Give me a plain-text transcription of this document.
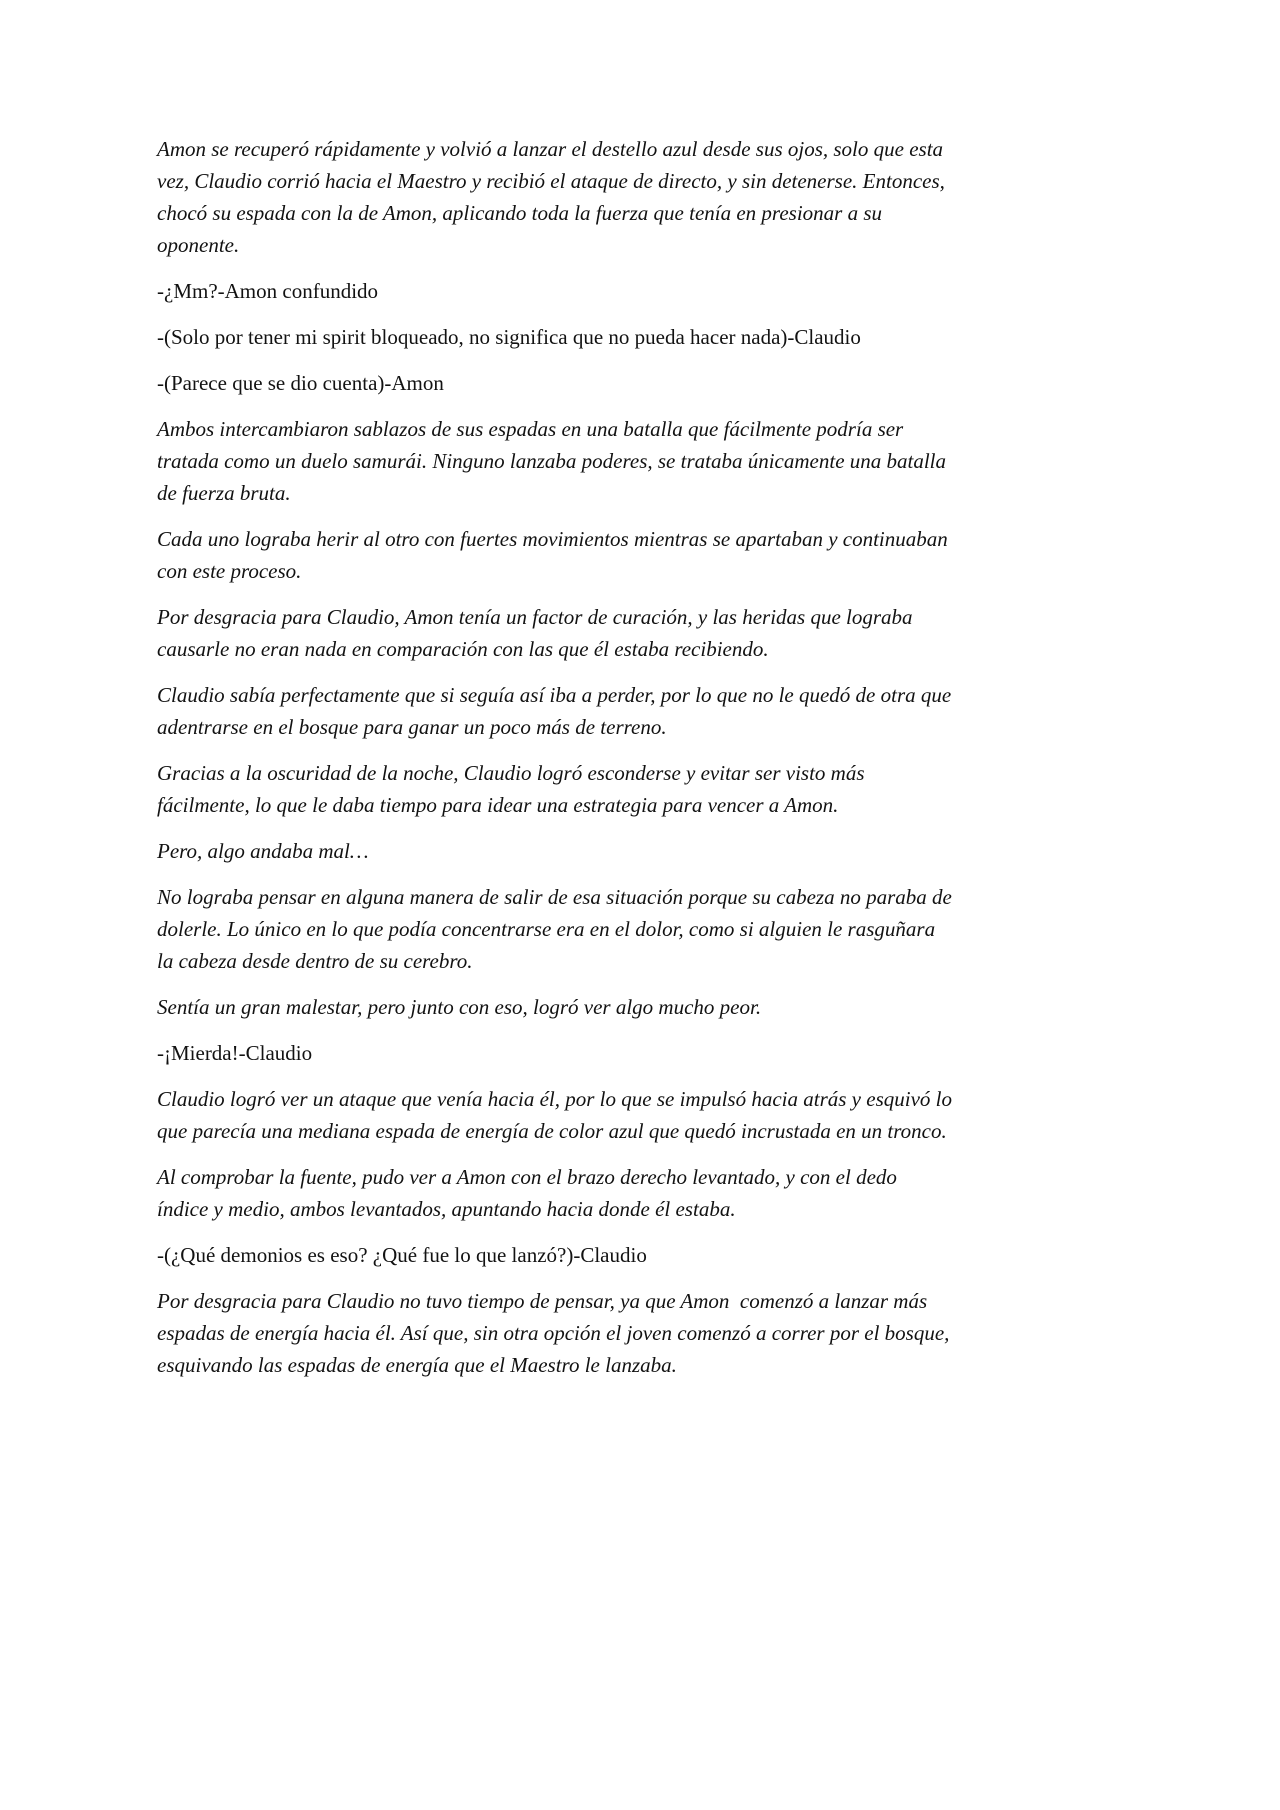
Amon se recuperó rápidamente y volvió a lanzar el destello azul desde sus ojos, solo que esta vez, Claudio corrió hacia el Maestro y recibió el ataque de directo, y sin detenerse. Entonces, chocó su espada con la de Amon, aplicando toda la fuerza que tenía en presionar a su oponente.

-¿Mm?-Amon confundido

-(Solo por tener mi spirit bloqueado, no significa que no pueda hacer nada)-Claudio

-(Parece que se dio cuenta)-Amon

Ambos intercambiaron sablazos de sus espadas en una batalla que fácilmente podría ser tratada como un duelo samurái. Ninguno lanzaba poderes, se trataba únicamente una batalla de fuerza bruta.

Cada uno lograba herir al otro con fuertes movimientos mientras se apartaban y continuaban con este proceso.

Por desgracia para Claudio, Amon tenía un factor de curación, y las heridas que lograba causarle no eran nada en comparación con las que él estaba recibiendo.

Claudio sabía perfectamente que si seguía así iba a perder, por lo que no le quedó de otra que adentrarse en el bosque para ganar un poco más de terreno.

Gracias a la oscuridad de la noche, Claudio logró esconderse y evitar ser visto más fácilmente, lo que le daba tiempo para idear una estrategia para vencer a Amon.

Pero, algo andaba mal…

No lograba pensar en alguna manera de salir de esa situación porque su cabeza no paraba de dolerle. Lo único en lo que podía concentrarse era en el dolor, como si alguien le rasguñara la cabeza desde dentro de su cerebro.

Sentía un gran malestar, pero junto con eso, logró ver algo mucho peor.

-¡Mierda!-Claudio

Claudio logró ver un ataque que venía hacia él, por lo que se impulsó hacia atrás y esquivó lo que parecía una mediana espada de energía de color azul que quedó incrustada en un tronco.

Al comprobar la fuente, pudo ver a Amon con el brazo derecho levantado, y con el dedo índice y medio, ambos levantados, apuntando hacia donde él estaba.

-(¿Qué demonios es eso? ¿Qué fue lo que lanzó?)-Claudio

Por desgracia para Claudio no tuvo tiempo de pensar, ya que Amon  comenzó a lanzar más espadas de energía hacia él. Así que, sin otra opción el joven comenzó a correr por el bosque, esquivando las espadas de energía que el Maestro le lanzaba.
